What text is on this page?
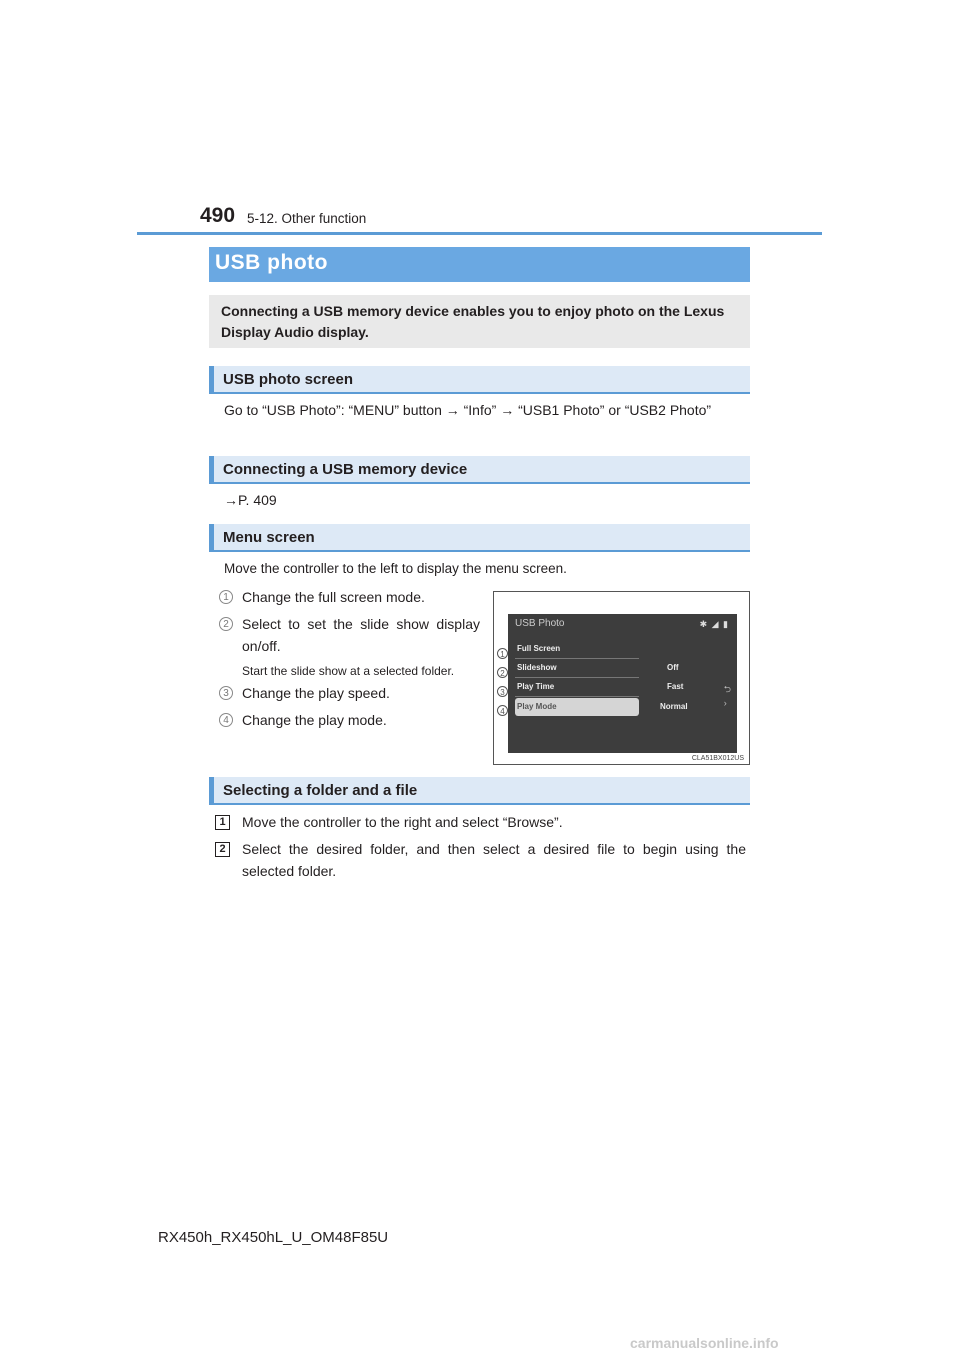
490 5-12. Other function
USB photo
Connecting a USB memory device enables you to enjoy photo on the Lexus Display Audio display.
USB photo screen
Go to “USB Photo”: “MENU” button → “Info” → “USB1 Photo” or “USB2 Photo”
Connecting a USB memory device
→P. 409
Menu screen
Move the controller to the left to display the menu screen.
1 Change the full screen mode.
2 Select to set the slide show display on/off.
Start the slide show at a selected folder.
3 Change the play speed.
4 Change the play mode.
USB Photo	✱ ◢ ▮
Full Screen
Slideshow	Off
Play Time	Fast
Play Mode	Normal
⮌
›
1
2
3
4
CLA51BX012US
Selecting a folder and a file
1	Move the controller to the right and select “Browse”.
2	Select the desired folder, and then select a desired file to begin using the selected folder.
RX450h_RX450hL_U_OM48F85U
carmanualsonline.info
